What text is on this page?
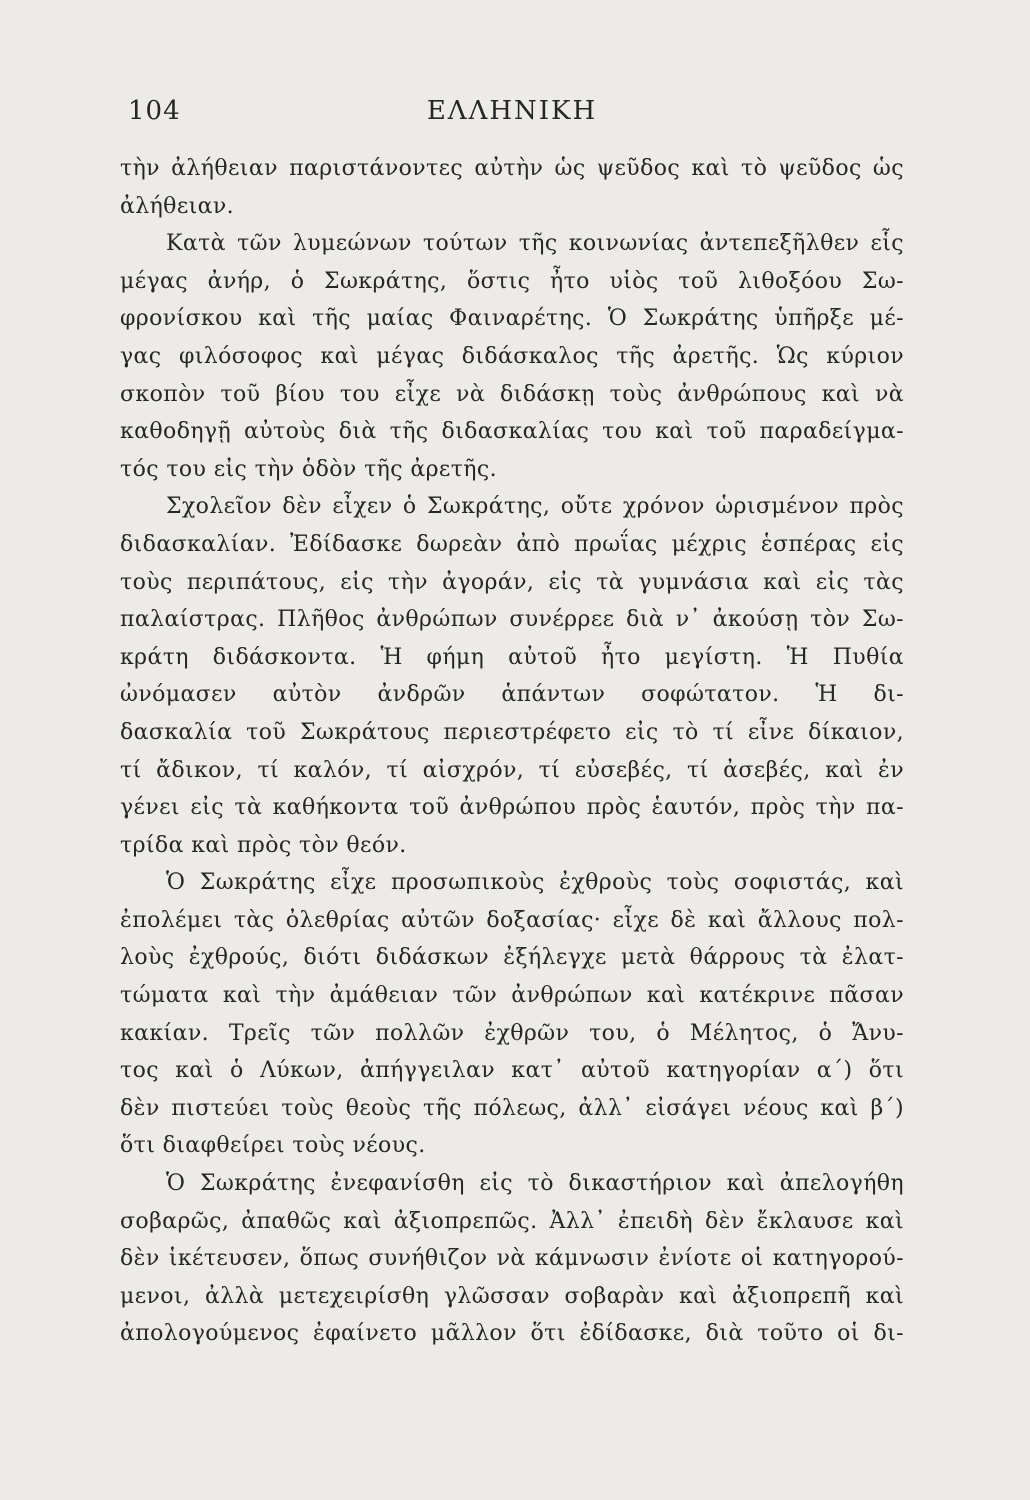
104	ΕΛΛΗΝΙΚΗ
τὴν ἀλήθειαν παριστάνοντες αὐτὴν ὡς ψεῦδος καὶ τὸ ψεῦδος ὡς
ἀλήθειαν.
Κατὰ τῶν λυμεώνων τούτων τῆς κοινωνίας ἀντεπεξῆλθεν εἷς
μέγας ἀνήρ, ὁ Σωκράτης, ὅστις ἦτο υἱὸς τοῦ λιθοξόου Σω-
φρονίσκου καὶ τῆς μαίας Φαιναρέτης. Ὁ Σωκράτης ὑπῆρξε μέ-
γας φιλόσοφος καὶ μέγας διδάσκαλος τῆς ἀρετῆς. Ὡς κύριον
σκοπὸν τοῦ βίου του εἶχε νὰ διδάσκῃ τοὺς ἀνθρώπους καὶ νὰ
καθοδηγῇ αὐτοὺς διὰ τῆς διδασκαλίας του καὶ τοῦ παραδείγμα-
τός του εἰς τὴν ὁδὸν τῆς ἀρετῆς.
Σχολεῖον δὲν εἶχεν ὁ Σωκράτης, οὔτε χρόνον ὡρισμένον πρὸς
διδασκαλίαν. Ἐδίδασκε δωρεὰν ἀπὸ πρωΐας μέχρις ἑσπέρας εἰς
τοὺς περιπάτους, εἰς τὴν ἀγοράν, εἰς τὰ γυμνάσια καὶ εἰς τὰς
παλαίστρας. Πλῆθος ἀνθρώπων συνέρρεε διὰ ν᾽ ἀκούσῃ τὸν Σω-
κράτη διδάσκοντα. Ἡ φήμη αὐτοῦ ἦτο μεγίστη. Ἡ Πυθία
ὠνόμασεν αὐτὸν ἀνδρῶν ἁπάντων σοφώτατον. Ἡ δι-
δασκαλία τοῦ Σωκράτους περιεστρέφετο εἰς τὸ τί εἶνε δίκαιον,
τί ἄδικον, τί καλόν, τί αἰσχρόν, τί εὐσεβές, τί ἀσεβές, καὶ ἐν
γένει εἰς τὰ καθήκοντα τοῦ ἀνθρώπου πρὸς ἑαυτόν, πρὸς τὴν πα-
τρίδα καὶ πρὸς τὸν θεόν.
Ὁ Σωκράτης εἶχε προσωπικοὺς ἐχθροὺς τοὺς σοφιστάς, καὶ
ἐπολέμει τὰς ὀλεθρίας αὐτῶν δοξασίας· εἶχε δὲ καὶ ἄλλους πολ-
λοὺς ἐχθρούς, διότι διδάσκων ἐξήλεγχε μετὰ θάρρους τὰ ἐλατ-
τώματα καὶ τὴν ἀμάθειαν τῶν ἀνθρώπων καὶ κατέκρινε πᾶσαν
κακίαν. Τρεῖς τῶν πολλῶν ἐχθρῶν του, ὁ Μέλητος, ὁ Ἄνυ-
τος καὶ ὁ Λύκων, ἀπήγγειλαν κατ᾽ αὐτοῦ κατηγορίαν α΄) ὅτι
δὲν πιστεύει τοὺς θεοὺς τῆς πόλεως, ἀλλ᾽ εἰσάγει νέους καὶ β΄)
ὅτι διαφθείρει τοὺς νέους.
Ὁ Σωκράτης ἐνεφανίσθη εἰς τὸ δικαστήριον καὶ ἀπελογήθη
σοβαρῶς, ἀπαθῶς καὶ ἀξιοπρεπῶς. Ἀλλ᾽ ἐπειδὴ δὲν ἔκλαυσε καὶ
δὲν ἱκέτευσεν, ὅπως συνήθιζον νὰ κάμνωσιν ἐνίοτε οἱ κατηγορού-
μενοι, ἀλλὰ μετεχειρίσθη γλῶσσαν σοβαρὰν καὶ ἀξιοπρεπῆ καὶ
ἀπολογούμενος ἐφαίνετο μᾶλλον ὅτι ἐδίδασκε, διὰ τοῦτο οἱ δι-
